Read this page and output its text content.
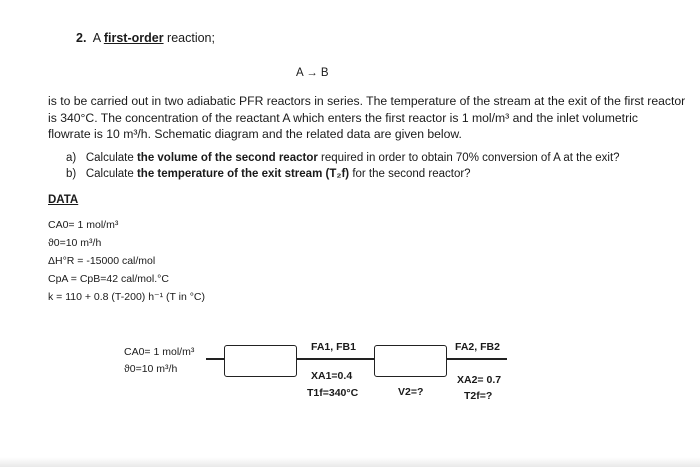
2. A first-order reaction;
A → B
is to be carried out in two adiabatic PFR reactors in series. The temperature of the stream at the exit of the first reactor
is 340°C. The concentration of the reactant A which enters the first reactor is 1 mol/m³ and the inlet volumetric
flowrate is 10 m³/h. Schematic diagram and the related data are given below.
a) Calculate the volume of the second reactor required in order to obtain 70% conversion of A at the exit?
b) Calculate the temperature of the exit stream (T₂f) for the second reactor?
DATA
CA0= 1 mol/m³
ϑ0=10 m³/h
ΔH°R = -15000 cal/mol
CpA = CpB=42 cal/mol.°C
k = 110 + 0.8 (T-200) h⁻¹ (T in °C)
CA0= 1 mol/m³
ϑ0=10 m³/h
FA1, FB1
XA1=0.4
T1f=340°C	V2=?
FA2, FB2
XA2= 0.7
T2f=?
